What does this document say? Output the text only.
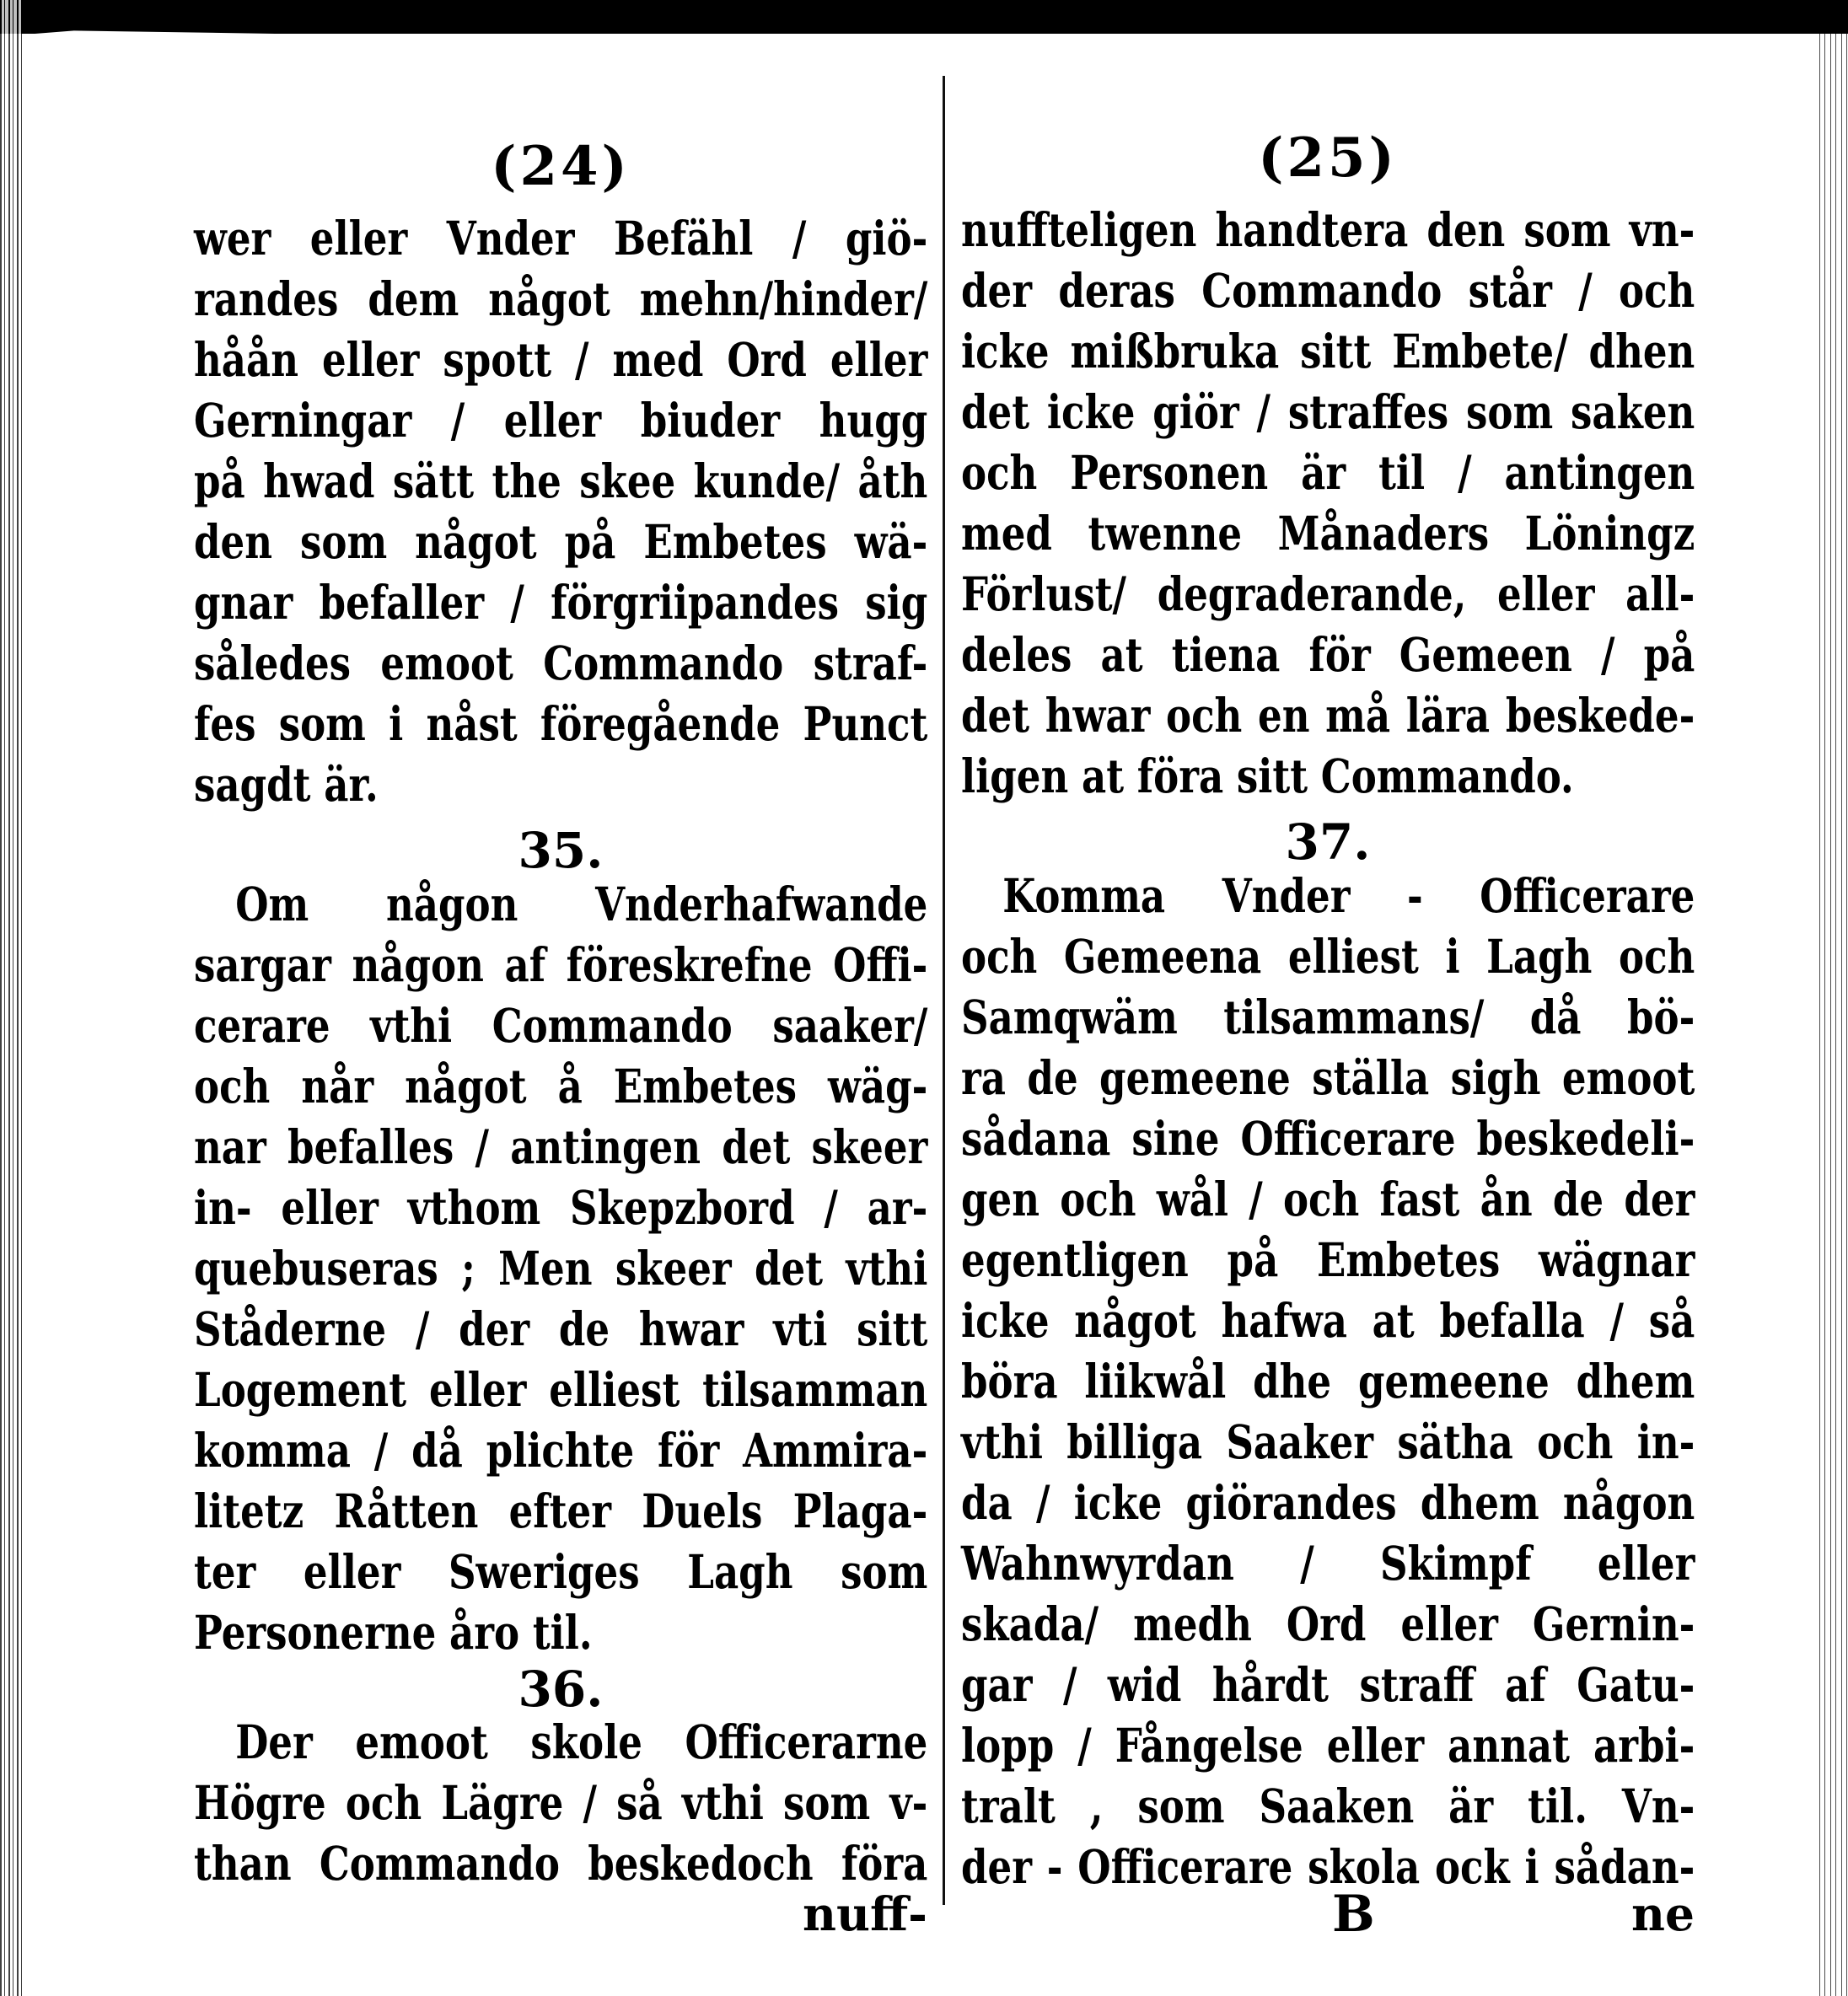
(24)
wer eller Vnder Befähl / giö-
randes dem något mehn/hinder/
håån eller spott / med Ord eller
Gerningar / eller biuder hugg
på hwad sätt the skee kunde/ åth
den som något på Embetes wä-
gnar befaller / förgriipandes sig
således emoot Commando straf-
fes som i nåst föregående Punct
sagdt är.
35.
Om någon Vnderhafwande
sargar någon af föreskrefne Offi-
cerare vthi Commando saaker/
och når något å Embetes wäg-
nar befalles / antingen det skeer
in- eller vthom Skepzbord / ar-
quebuseras ; Men skeer det vthi
Ståderne / der de hwar vti sitt
Logement eller elliest tilsamman
komma / då plichte för Ammira-
litetz Råtten efter Duels Plaga-
ter eller Sweriges Lagh som
Personerne åro til.
36.
Der emoot skole Officerarne
Högre och Lägre / så vthi som v-
than Commando beskedoch föra
nuff-
(25)
nuffteligen handtera den som vn-
der deras Commando står / och
icke mißbruka sitt Embete/ dhen
det icke giör / straffes som saken
och Personen är til / antingen
med twenne Månaders Löningz
Förlust/ degraderande, eller all-
deles at tiena för Gemeen / på
det hwar och en må lära beskede-
ligen at föra sitt Commando.
37.
Komma Vnder - Officerare
och Gemeena elliest i Lagh och
Samqwäm tilsammans/ då bö-
ra de gemeene ställa sigh emoot
sådana sine Officerare beskedeli-
gen och wål / och fast ån de der
egentligen på Embetes wägnar
icke något hafwa at befalla / så
böra liikwål dhe gemeene dhem
vthi billiga Saaker sätha och in-
da / icke giörandes dhem någon
Wahnwyrdan / Skimpf eller
skada/ medh Ord eller Gernin-
gar / wid hårdt straff af Gatu-
lopp / Fångelse eller annat arbi-
tralt , som Saaken är til. Vn-
der - Officerare skola ock i sådan-
B	ne
